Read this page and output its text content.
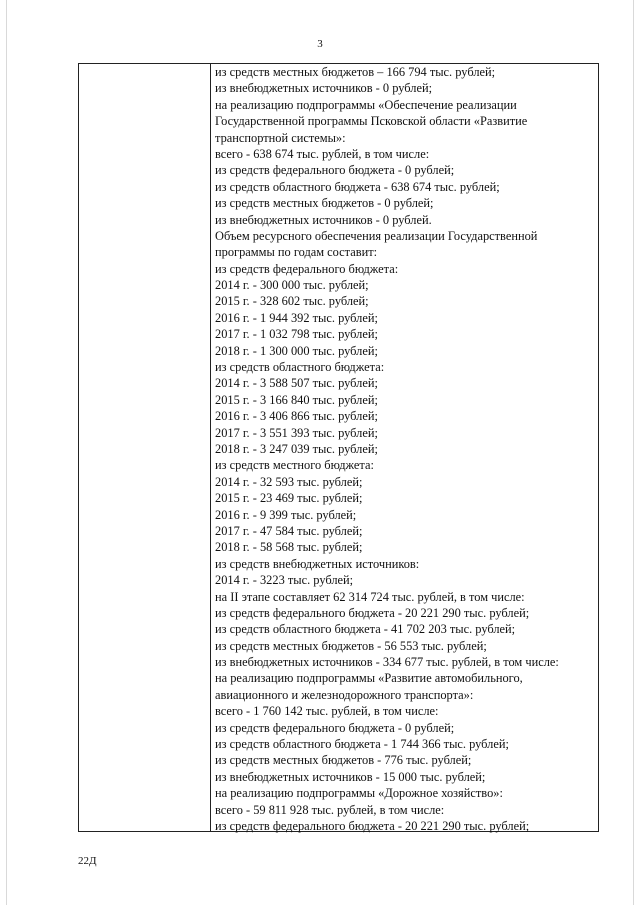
3
из средств местных бюджетов – 166 794 тыс. рублей;
из внебюджетных источников - 0 рублей;
на реализацию подпрограммы «Обеспечение реализации
Государственной программы Псковской области «Развитие
транспортной системы»:
всего - 638 674 тыс. рублей, в том числе:
из средств федерального бюджета - 0 рублей;
из средств областного бюджета - 638 674 тыс. рублей;
из средств местных бюджетов - 0 рублей;
из внебюджетных источников - 0 рублей.
Объем ресурсного обеспечения реализации Государственной
программы по годам составит:
из средств федерального бюджета:
2014 г. - 300 000 тыс. рублей;
2015 г. - 328 602 тыс. рублей;
2016 г. - 1 944 392 тыс. рублей;
2017 г. - 1 032 798 тыс. рублей;
2018 г. - 1 300 000 тыс. рублей;
из средств областного бюджета:
2014 г. - 3 588 507 тыс. рублей;
2015 г. - 3 166 840 тыс. рублей;
2016 г. - 3 406 866 тыс. рублей;
2017 г. - 3 551 393 тыс. рублей;
2018 г. - 3 247 039 тыс. рублей;
из средств местного бюджета:
2014 г. - 32 593 тыс. рублей;
2015 г. - 23 469 тыс. рублей;
2016 г. - 9 399 тыс. рублей;
2017 г. - 47 584 тыс. рублей;
2018 г. - 58 568 тыс. рублей;
из средств внебюджетных источников:
2014 г. - 3223 тыс. рублей;
на II этапе составляет 62 314 724 тыс. рублей, в том числе:
из средств федерального бюджета - 20 221 290 тыс. рублей;
из средств областного бюджета - 41 702 203 тыс. рублей;
из средств местных бюджетов - 56 553 тыс. рублей;
из внебюджетных источников - 334 677 тыс. рублей, в том числе:
на реализацию подпрограммы «Развитие автомобильного,
авиационного и железнодорожного транспорта»:
всего - 1 760 142 тыс. рублей, в том числе:
из средств федерального бюджета - 0 рублей;
из средств областного бюджета - 1 744 366 тыс. рублей;
из средств местных бюджетов - 776 тыс. рублей;
из внебюджетных источников - 15 000 тыс. рублей;
на реализацию подпрограммы «Дорожное хозяйство»:
всего - 59 811 928 тыс. рублей, в том числе:
из средств федерального бюджета - 20 221 290 тыс. рублей;
22Д
